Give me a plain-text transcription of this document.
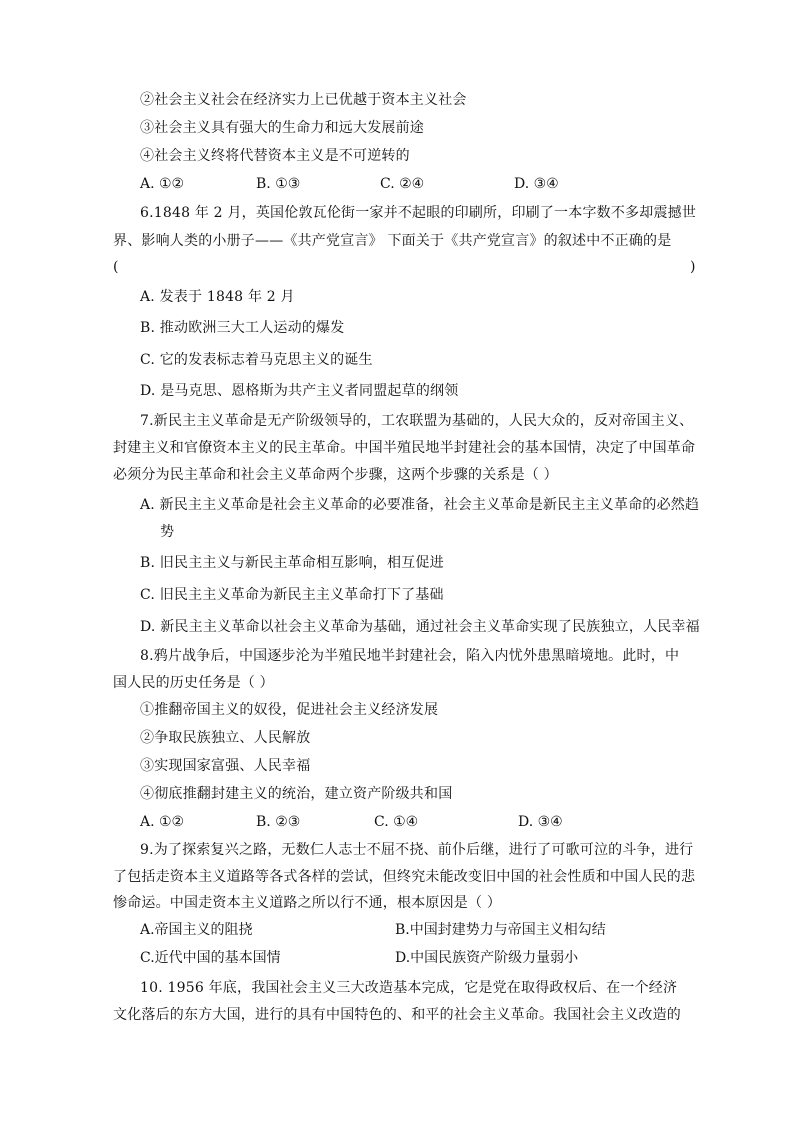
②社会主义社会在经济实力上已优越于资本主义社会
③社会主义具有强大的生命力和远大发展前途
④社会主义终将代替资本主义是不可逆转的
A. ①②	B. ①③	C. ②④	D. ③④
6.1848 年 2 月，英国伦敦瓦伦街一家并不起眼的印刷所，印刷了一本字数不多却震撼世
界、影响人类的小册子——《共产党宣言》 下面关于《共产党宣言》的叙述中不正确的是
(	)
A. 发表于 1848 年 2 月
B. 推动欧洲三大工人运动的爆发
C. 它的发表标志着马克思主义的诞生
D. 是马克思、恩格斯为共产主义者同盟起草的纲领
7.新民主主义革命是无产阶级领导的，工农联盟为基础的，人民大众的，反对帝国主义、
封建主义和官僚资本主义的民主革命。中国半殖民地半封建社会的基本国情，决定了中国革命
必须分为民主革命和社会主义革命两个步骤，这两个步骤的关系是（ ）
A. 新民主主义革命是社会主义革命的必要准备，社会主义革命是新民主主义革命的必然趋
势
B. 旧民主主义与新民主革命相互影响，相互促进
C. 旧民主主义革命为新民主主义革命打下了基础
D. 新民主主义革命以社会主义革命为基础，通过社会主义革命实现了民族独立，人民幸福
8.鸦片战争后，中国逐步沦为半殖民地半封建社会，陷入内忧外患黑暗境地。此时，中
国人民的历史任务是（ ）
①推翻帝国主义的奴役，促进社会主义经济发展
②争取民族独立、人民解放
③实现国家富强、人民幸福
④彻底推翻封建主义的统治，建立资产阶级共和国
A. ①②	B. ②③	C. ①④	D. ③④
9.为了探索复兴之路，无数仁人志士不屈不挠、前仆后继，进行了可歌可泣的斗争，进行
了包括走资本主义道路等各式各样的尝试，但终究未能改变旧中国的社会性质和中国人民的悲
惨命运。中国走资本主义道路之所以行不通，根本原因是（ ）
A.帝国主义的阻挠	B.中国封建势力与帝国主义相勾结
C.近代中国的基本国情	D.中国民族资产阶级力量弱小
10. 1956 年底，我国社会主义三大改造基本完成，它是党在取得政权后、在一个经济
文化落后的东方大国，进行的具有中国特色的、和平的社会主义革命。我国社会主义改造的
